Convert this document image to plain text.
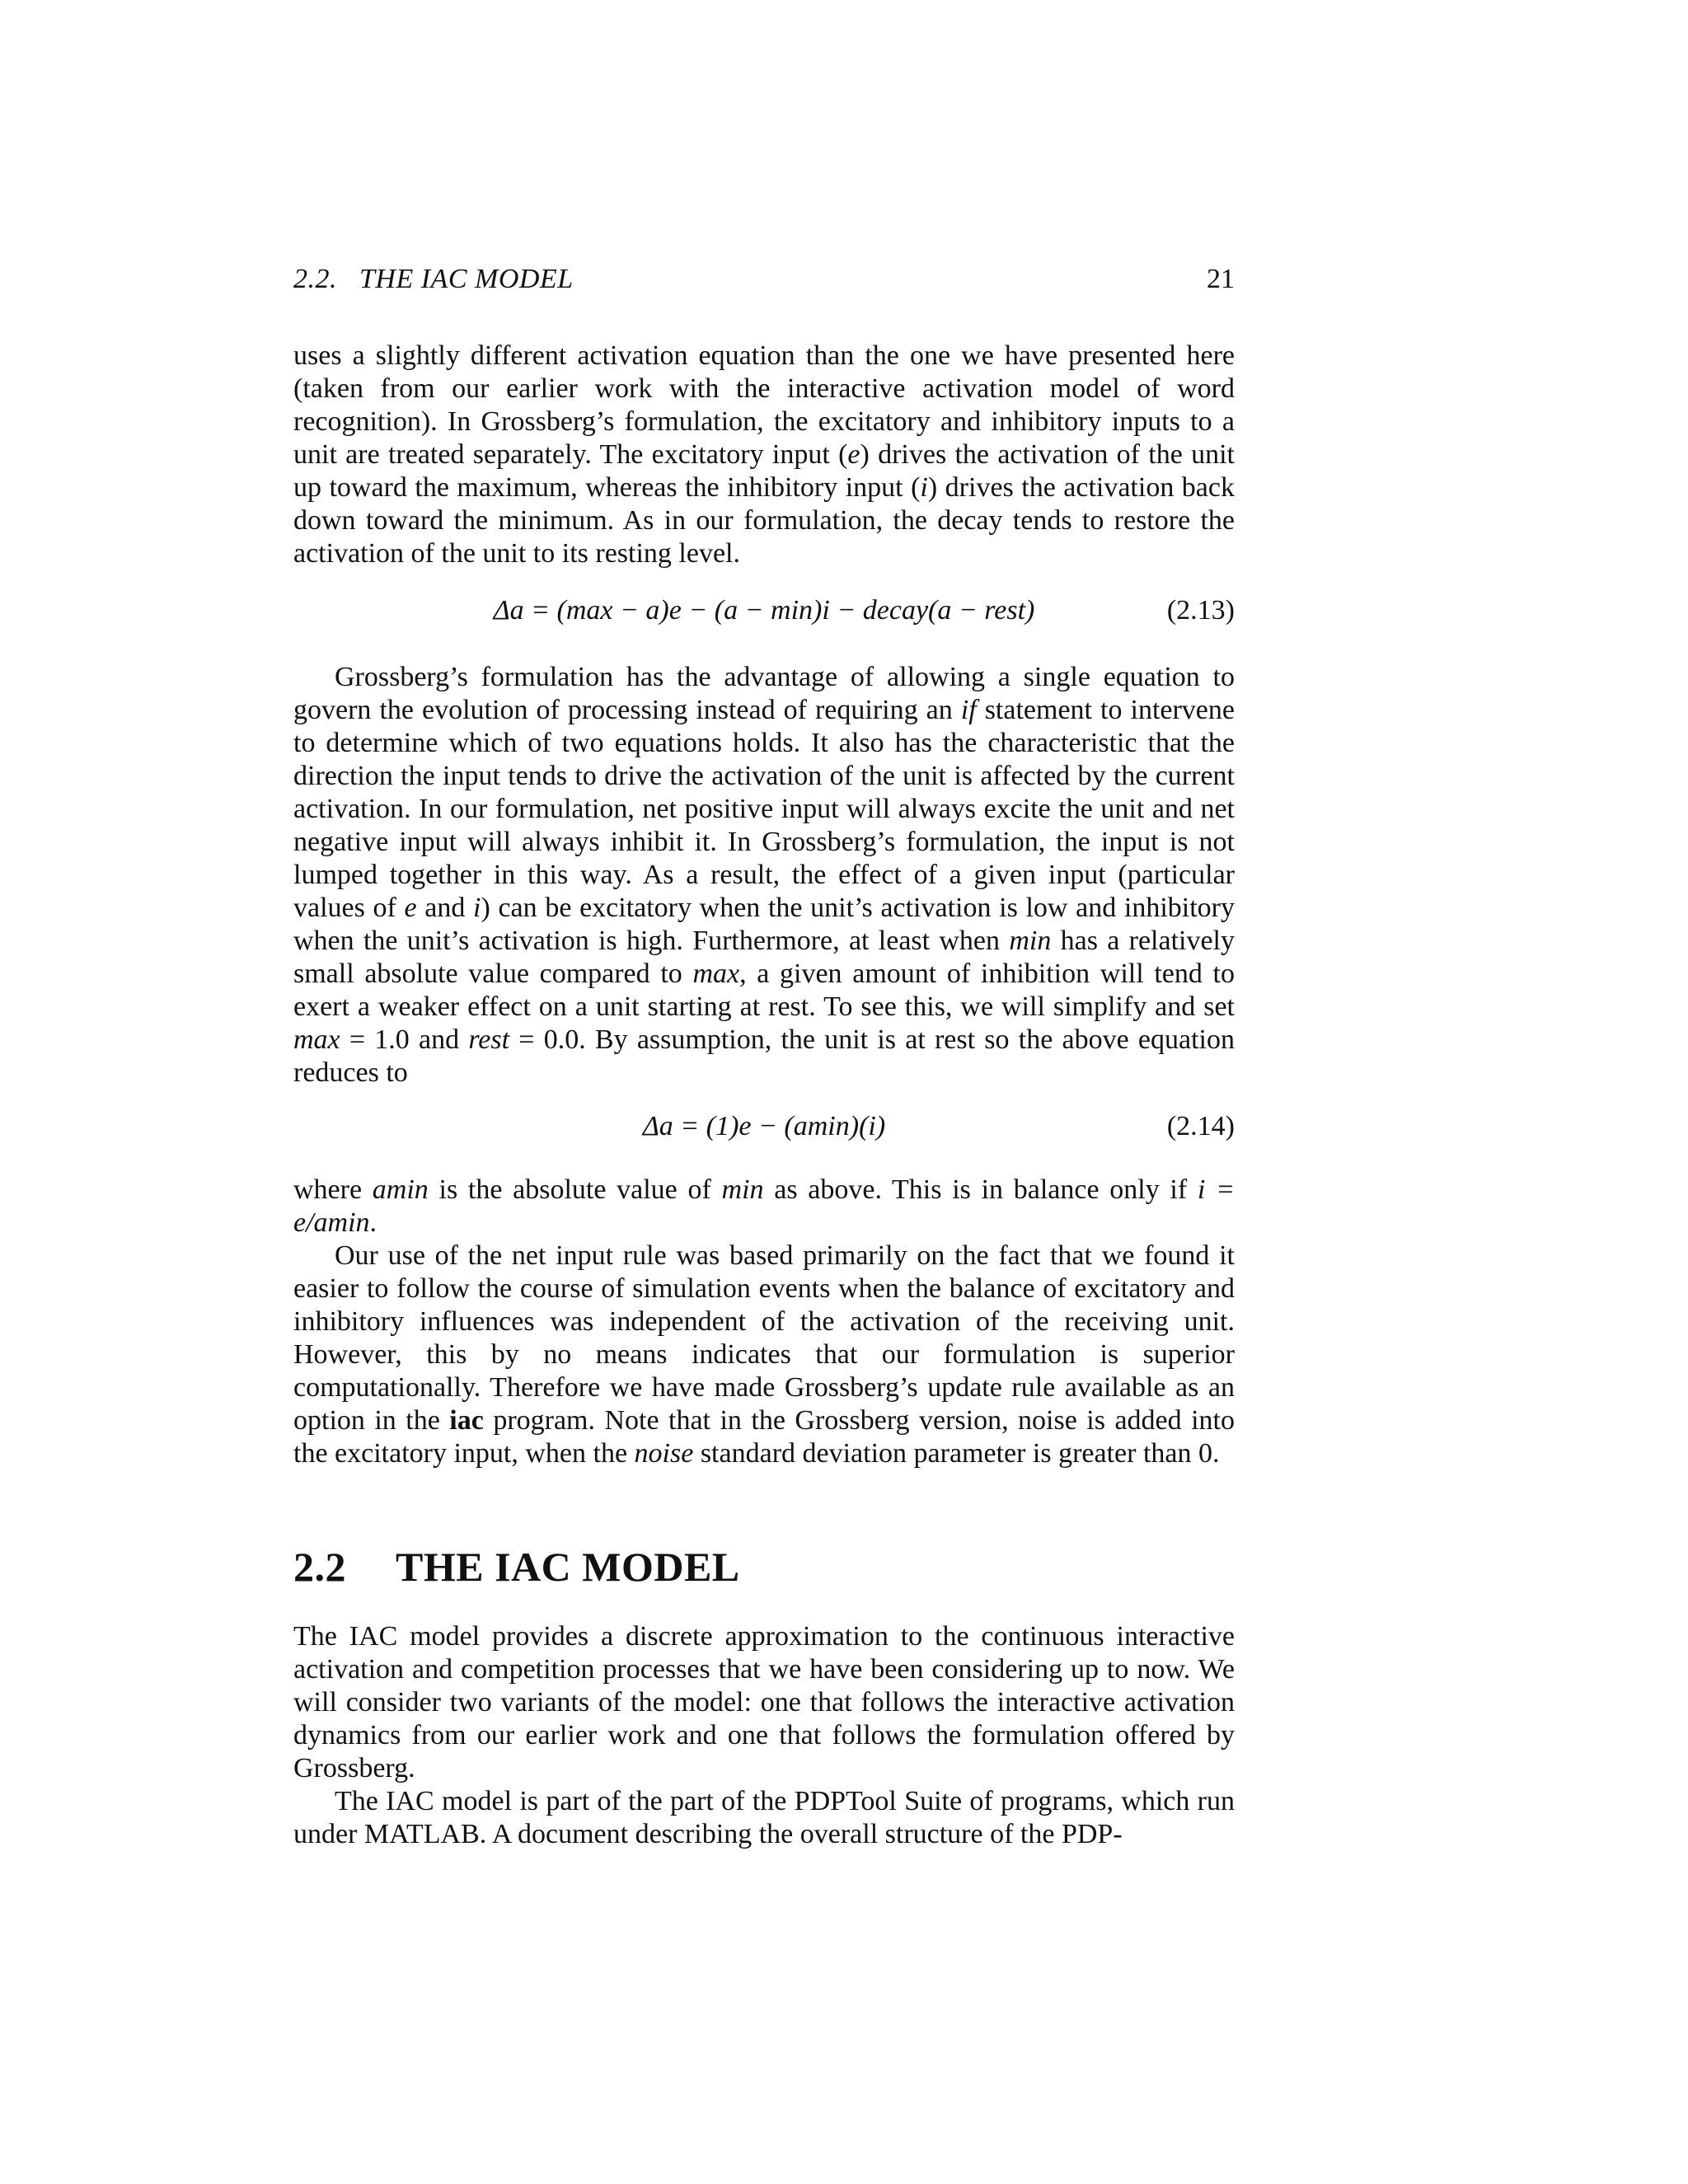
2.2.   THE IAC MODEL	21

uses a slightly different activation equation than the one we have presented here (taken from our earlier work with the interactive activation model of word recognition). In Grossberg’s formulation, the excitatory and inhibitory inputs to a unit are treated separately. The excitatory input (e) drives the activation of the unit up toward the maximum, whereas the inhibitory input (i) drives the activation back down toward the minimum. As in our formulation, the decay tends to restore the activation of the unit to its resting level.

Δa = (max − a)e − (a − min)i − decay(a − rest)	(2.13)

Grossberg’s formulation has the advantage of allowing a single equation to govern the evolution of processing instead of requiring an if statement to intervene to determine which of two equations holds. It also has the characteristic that the direction the input tends to drive the activation of the unit is affected by the current activation. In our formulation, net positive input will always excite the unit and net negative input will always inhibit it. In Grossberg’s formulation, the input is not lumped together in this way. As a result, the effect of a given input (particular values of e and i) can be excitatory when the unit’s activation is low and inhibitory when the unit’s activation is high. Furthermore, at least when min has a relatively small absolute value compared to max, a given amount of inhibition will tend to exert a weaker effect on a unit starting at rest. To see this, we will simplify and set max = 1.0 and rest = 0.0. By assumption, the unit is at rest so the above equation reduces to

Δa = (1)e − (amin)(i)	(2.14)

where amin is the absolute value of min as above. This is in balance only if i = e/amin.

Our use of the net input rule was based primarily on the fact that we found it easier to follow the course of simulation events when the balance of excitatory and inhibitory influences was independent of the activation of the receiving unit. However, this by no means indicates that our formulation is superior computationally. Therefore we have made Grossberg’s update rule available as an option in the iac program. Note that in the Grossberg version, noise is added into the excitatory input, when the noise standard deviation parameter is greater than 0.

2.2 THE IAC MODEL

The IAC model provides a discrete approximation to the continuous interactive activation and competition processes that we have been considering up to now. We will consider two variants of the model: one that follows the interactive activation dynamics from our earlier work and one that follows the formulation offered by Grossberg.

The IAC model is part of the part of the PDPTool Suite of programs, which run under MATLAB. A document describing the overall structure of the PDP-
